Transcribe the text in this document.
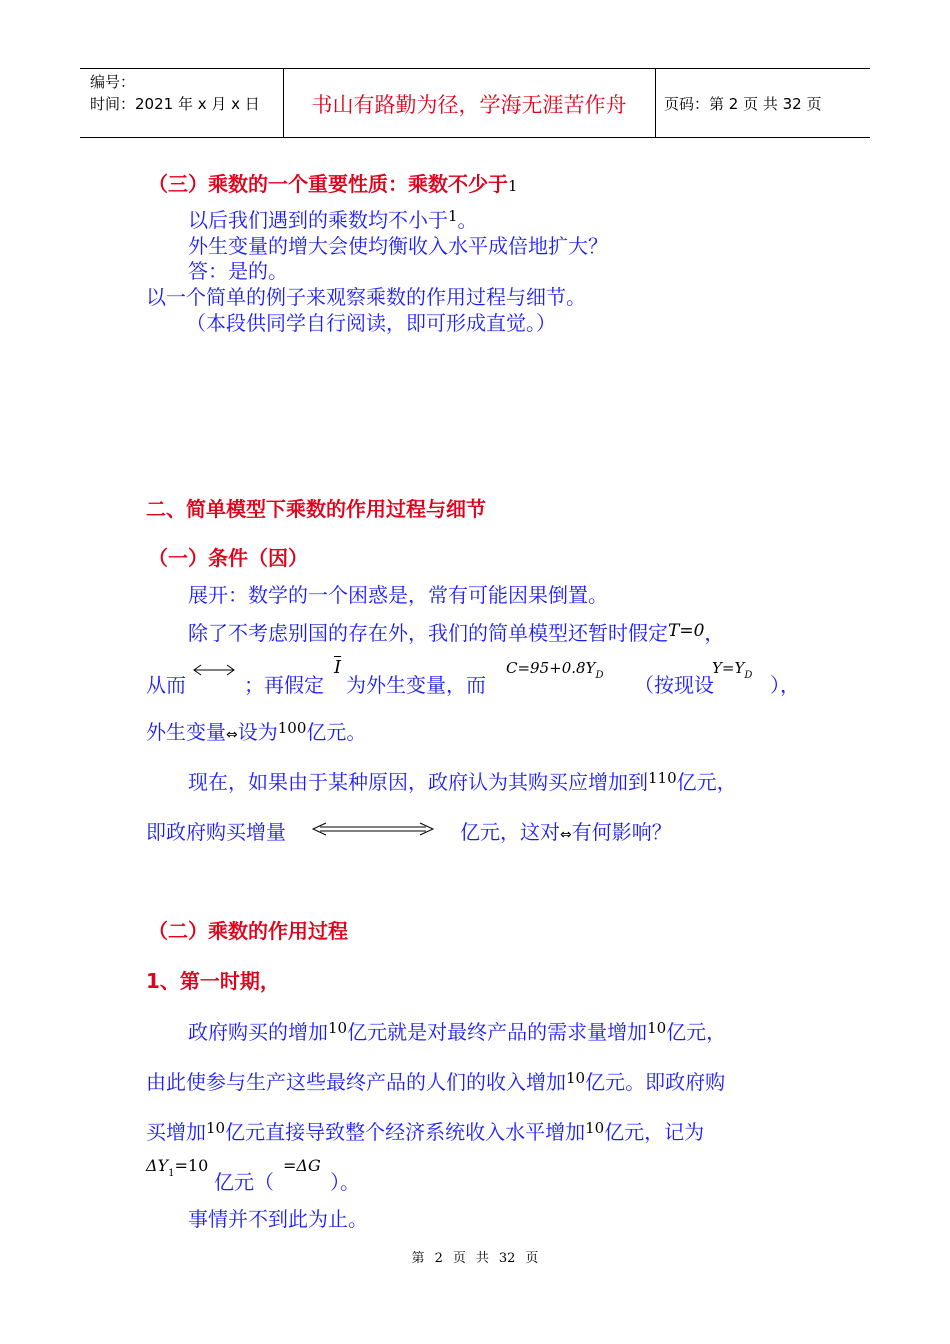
编号：
时间：2021 年 x 月 x 日	书山有路勤为径，学海无涯苦作舟	页码：第 2 页 共 32 页
（三）乘数的一个重要性质：乘数不少于1
以后我们遇到的乘数均不小于$^1$。
外生变量的增大会使均衡收入水平成倍地扩大？
答：是的。
以一个简单的例子来观察乘数的作用过程与细节。
（本段供同学自行阅读，即可形成直觉。）
二、简单模型下乘数的作用过程与细节
（一）条件（因）
展开：数学的一个困惑是，常有可能因果倒置。
除了不考虑别国的存在外，我们的简单模型还暂时假定$^{T=0}$，
从而	；再假定
$\overline{I}$
为外生变量，而
$C=95+0.8Y_D$ （按现设
$Y=Y_D$ ），
外生变量⇔设为$^{100}$亿元。
现在，如果由于某种原因，政府认为其购买应增加到$^{110}$亿元，
即政府购买增量	亿元，这对⇔有何影响？
（二）乘数的作用过程
1、第一时期，
政府购买的增加$^{10}$亿元就是对最终产品的需求量增加$^{10}$亿元，
由此使参与生产这些最终产品的人们的收入增加$^{10}$亿元。即政府购
买增加$^{10}$亿元直接导致整个经济系统收入水平增加$^{10}$亿元，记为
$\Delta Y_1=10$
亿元（
=ΔG
）。
事情并不到此为止。
第 2 页 共 32 页
